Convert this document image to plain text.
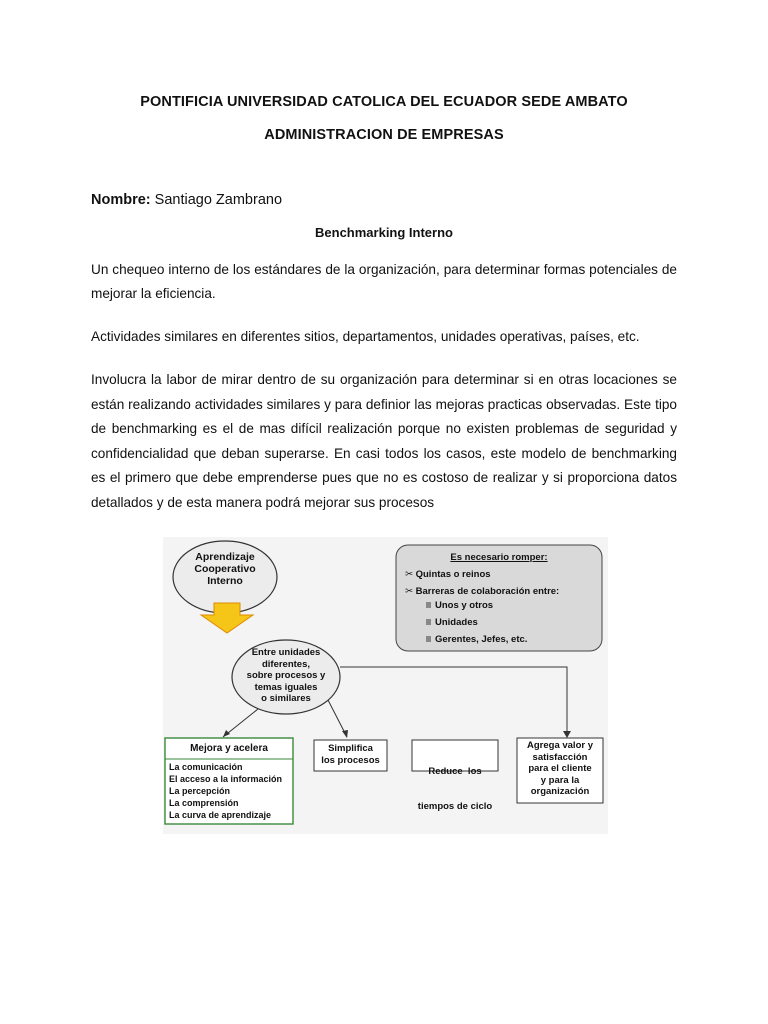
PONTIFICIA UNIVERSIDAD CATOLICA DEL ECUADOR SEDE AMBATO
ADMINISTRACION DE EMPRESAS
Nombre: Santiago Zambrano
Benchmarking Interno
Un chequeo interno de los estándares de la organización, para determinar formas potenciales de mejorar la eficiencia.
Actividades similares en diferentes sitios, departamentos, unidades operativas, países, etc.
Involucra la labor de mirar dentro de su organización para determinar si en otras locaciones se están realizando actividades similares y para definior las mejoras practicas observadas. Este tipo de benchmarking es el de mas difícil realización porque no existen problemas de seguridad y confidencialidad que deban superarse. En casi todos los casos, este modelo de benchmarking es el primero que debe emprenderse pues que no es costoso de realizar y si proporciona datos detallados y de esta manera podrá mejorar sus procesos
Aprendizaje
Cooperativo
Interno
Entre unidades
diferentes,
sobre procesos y
temas iguales
o similares
Es necesario romper:
✂ Quintas o reinos
✂ Barreras de colaboración entre:
Unos y otros
Unidades
Gerentes, Jefes, etc.
Mejora y acelera
La comunicación
El acceso a la información
La percepción
La comprensión
La curva de aprendizaje
Simplifica
los procesos

Reduce  los

tiempos de ciclo

Agrega valor y
satisfacción
para el cliente
y para la
organización
